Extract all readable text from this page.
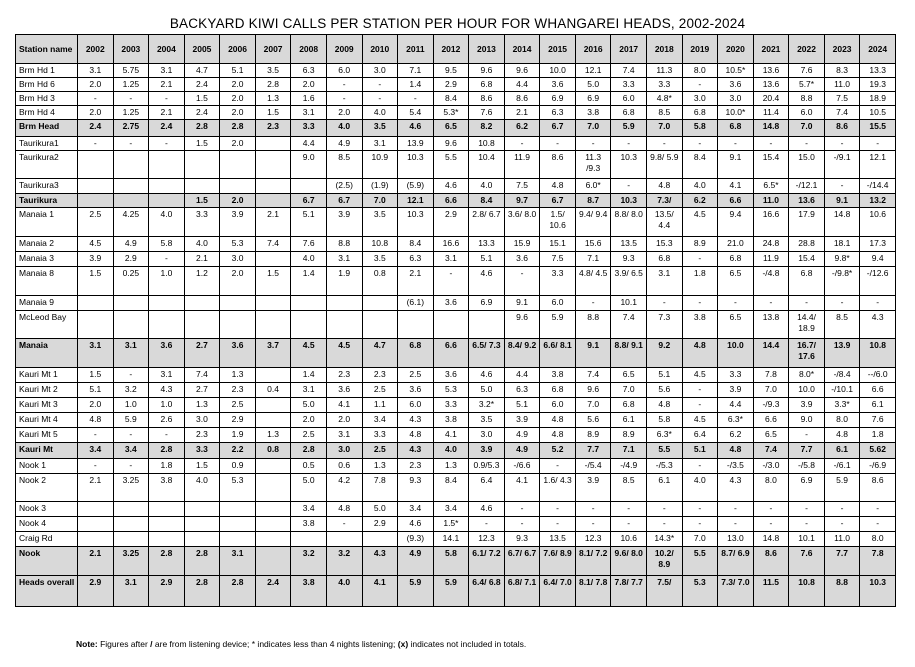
BACKYARD KIWI CALLS PER STATION PER HOUR FOR WHANGAREI HEADS, 2002-2024
Station name	2002	2003	2004	2005	2006	2007	2008	2009	2010	2011	2012	2013	2014	2015	2016	2017	2018	2019	2020	2021	2022	2023	2024
Brm Hd 1	3.1	5.75	3.1	4.7	5.1	3.5	6.3	6.0	3.0	7.1	9.5	9.6	9.6	10.0	12.1	7.4	11.3	8.0	10.5*	13.6	7.6	8.3	13.3
Brm Hd 6	2.0	1.25	2.1	2.4	2.0	2.8	2.0	-	-	1.4	2.9	6.8	4.4	3.6	5.0	3.3	3.3	-	3.6	13.6	5.7*	11.0	19.3
Brm Hd 3	-	-	-	1.5	2.0	1.3	1.6	-	-	-	8.4	8.6	8.6	6.9	6.9	6.0	4.8*	3.0	3.0	20.4	8.8	7.5	18.9
Brm Hd 4	2.0	1.25	2.1	2.4	2.0	1.5	3.1	2.0	4.0	5.4	5.3*	7.6	2.1	6.3	3.8	6.8	8.5	6.8	10.0*	11.4	6.0	7.4	10.5
Brm Head	2.4	2.75	2.4	2.8	2.8	2.3	3.3	4.0	3.5	4.6	6.5	8.2	6.2	6.7	7.0	5.9	7.0	5.8	6.8	14.8	7.0	8.6	15.5
Taurikura1	-	-	-	1.5	2.0		4.4	4.9	3.1	13.9	9.6	10.8	-	-	-	-	-	-	-	-	-	-	-
Taurikura2							9.0	8.5	10.9	10.3	5.5	10.4	11.9	8.6	11.3 /9.3	10.3	9.8/ 5.9	8.4	9.1	15.4	15.0	-/9.1	12.1
Taurikura3								(2.5)	(1.9)	(5.9)	4.6	4.0	7.5	4.8	6.0*	-	4.8	4.0	4.1	6.5*	-/12.1	-	-/14.4
Taurikura				1.5	2.0		6.7	6.7	7.0	12.1	6.6	8.4	9.7	6.7	8.7	10.3	7.3/	6.2	6.6	11.0	13.6	9.1	13.2
Manaia 1	2.5	4.25	4.0	3.3	3.9	2.1	5.1	3.9	3.5	10.3	2.9	2.8/ 6.7	3.6/ 8.0	1.5/ 10.6	9.4/ 9.4	8.8/ 8.0	13.5/ 4.4	4.5	9.4	16.6	17.9	14.8	10.6
Manaia 2	4.5	4.9	5.8	4.0	5.3	7.4	7.6	8.8	10.8	8.4	16.6	13.3	15.9	15.1	15.6	13.5	15.3	8.9	21.0	24.8	28.8	18.1	17.3
Manaia 3	3.9	2.9	-	2.1	3.0		4.0	3.1	3.5	6.3	3.1	5.1	3.6	7.5	7.1	9.3	6.8	-	6.8	11.9	15.4	9.8*	9.4
Manaia 8	1.5	0.25	1.0	1.2	2.0	1.5	1.4	1.9	0.8	2.1	-	4.6	-	3.3	4.8/ 4.5	3.9/ 6.5	3.1	1.8	6.5	-/4.8	6.8	-/9.8*	-/12.6
Manaia 9										(6.1)	3.6	6.9	9.1	6.0	-	10.1	-	-	-	-	-	-	-
McLeod Bay													9.6	5.9	8.8	7.4	7.3	3.8	6.5	13.8	14.4/ 18.9	8.5	4.3
Manaia	3.1	3.1	3.6	2.7	3.6	3.7	4.5	4.5	4.7	6.8	6.6	6.5/ 7.3	8.4/ 9.2	6.6/ 8.1	9.1	8.8/ 9.1	9.2	4.8	10.0	14.4	16.7/ 17.6	13.9	10.8
Kauri Mt 1	1.5	-	3.1	7.4	1.3		1.4	2.3	2.3	2.5	3.6	4.6	4.4	3.8	7.4	6.5	5.1	4.5	3.3	7.8	8.0*	-/8.4	--/6.0
Kauri Mt 2	5.1	3.2	4.3	2.7	2.3	0.4	3.1	3.6	2.5	3.6	5.3	5.0	6.3	6.8	9.6	7.0	5.6	-	3.9	7.0	10.0	-/10.1	6.6
Kauri Mt 3	2.0	1.0	1.0	1.3	2.5		5.0	4.1	1.1	6.0	3.3	3.2*	5.1	6.0	7.0	6.8	4.8	-	4.4	-/9.3	3.9	3.3*	6.1
Kauri Mt 4	4.8	5.9	2.6	3.0	2.9		2.0	2.0	3.4	4.3	3.8	3.5	3.9	4.8	5.6	6.1	5.8	4.5	6.3*	6.6	9.0	8.0	7.6
Kauri Mt 5	-	-	-	2.3	1.9	1.3	2.5	3.1	3.3	4.8	4.1	3.0	4.9	4.8	8.9	8.9	6.3*	6.4	6.2	6.5	-	4.8	1.8
Kauri Mt	3.4	3.4	2.8	3.3	2.2	0.8	2.8	3.0	2.5	4.3	4.0	3.9	4.9	5.2	7.7	7.1	5.5	5.1	4.8	7.4	7.7	6.1	5.62
Nook 1	-	-	1.8	1.5	0.9		0.5	0.6	1.3	2.3	1.3	0.9/5.3	-/6.6	-	-/5.4	-/4.9	-/5.3	-	-/3.5	-/3.0	-/5.8	-/6.1	-/6.9
Nook 2	2.1	3.25	3.8	4.0	5.3		5.0	4.2	7.8	9.3	8.4	6.4	4.1	1.6/ 4.3	3.9	8.5	6.1	4.0	4.3	8.0	6.9	5.9	8.6
Nook 3							3.4	4.8	5.0	3.4	3.4	4.6	-	-	-	-	-	-	-	-	-	-	-
Nook 4							3.8	-	2.9	4.6	1.5*	-	-	-	-	-	-	-	-	-	-	-	-
Craig Rd										(9.3)	14.1	12.3	9.3	13.5	12.3	10.6	14.3*	7.0	13.0	14.8	10.1	11.0	8.0
Nook	2.1	3.25	2.8	2.8	3.1		3.2	3.2	4.3	4.9	5.8	6.1/ 7.2	6.7/ 6.7	7.6/ 8.9	8.1/ 7.2	9.6/ 8.0	10.2/ 8.9	5.5	8.7/ 6.9	8.6	7.6	7.7	7.8
Heads overall	2.9	3.1	2.9	2.8	2.8	2.4	3.8	4.0	4.1	5.9	5.9	6.4/ 6.8	6.8/ 7.1	6.4/ 7.0	8.1/ 7.8	7.8/ 7.7	7.5/	5.3	7.3/ 7.0	11.5	10.8	8.8	10.3
Note: Figures after / are from listening device; * indicates less than 4 nights listening; (x) indicates not included in totals.
